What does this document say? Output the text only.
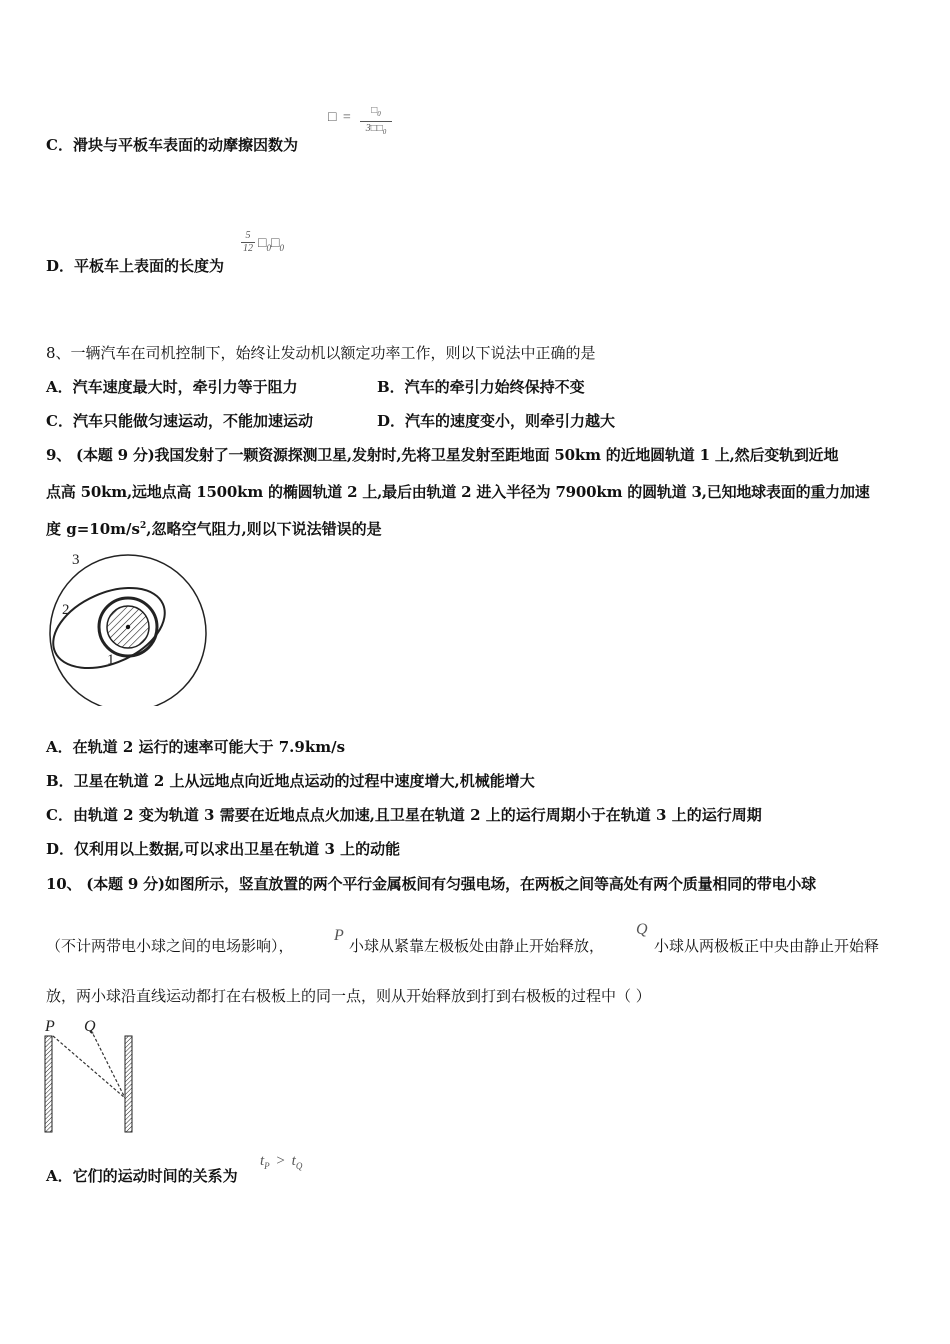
C．滑块与平板车表面的动摩擦因数为
□ =	$□_0$
$3□□_0$
D．平板车上表面的长度为
$\frac{5}{12}$ $□_0□_0$
8、一辆汽车在司机控制下，始终让发动机以额定功率工作，则以下说法中正确的是
A．汽车速度最大时，牵引力等于阻力	B．汽车的牵引力始终保持不变
C．汽车只能做匀速运动，不能加速运动	D．汽车的速度变小，则牵引力越大
9、 (本题 9 分)我国发射了一颗资源探测卫星,发射时,先将卫星发射至距地面 50km 的近地圆轨道 1 上,然后变轨到近地
点高 50km,远地点高 1500km 的椭圆轨道 2 上,最后由轨道 2 进入半径为 7900km 的圆轨道 3,已知地球表面的重力加速
度 $g=10m/s^2$,忽略空气阻力,则以下说法错误的是
3
2
1
A．在轨道 2 运行的速率可能大于 7.9km/s
B．卫星在轨道 2 上从远地点向近地点运动的过程中速度增大,机械能增大
C．由轨道 2 变为轨道 3 需要在近地点点火加速,且卫星在轨道 2 上的运行周期小于在轨道 3 上的运行周期
D．仅利用以上数据,可以求出卫星在轨道 3 上的动能
10、 (本题 9 分)如图所示，竖直放置的两个平行金属板间有匀强电场，在两板之间等高处有两个质量相同的带电小球
（不计两带电小球之间的电场影响），
P
小球从紧靠左极板处由静止开始释放，
Q
小球从两极板正中央由静止开始释
放，两小球沿直线运动都打在右极板上的同一点，则从开始释放到打到右极板的过程中（ ）
P Q
A．它们的运动时间的关系为
$t_P > t_Q$
